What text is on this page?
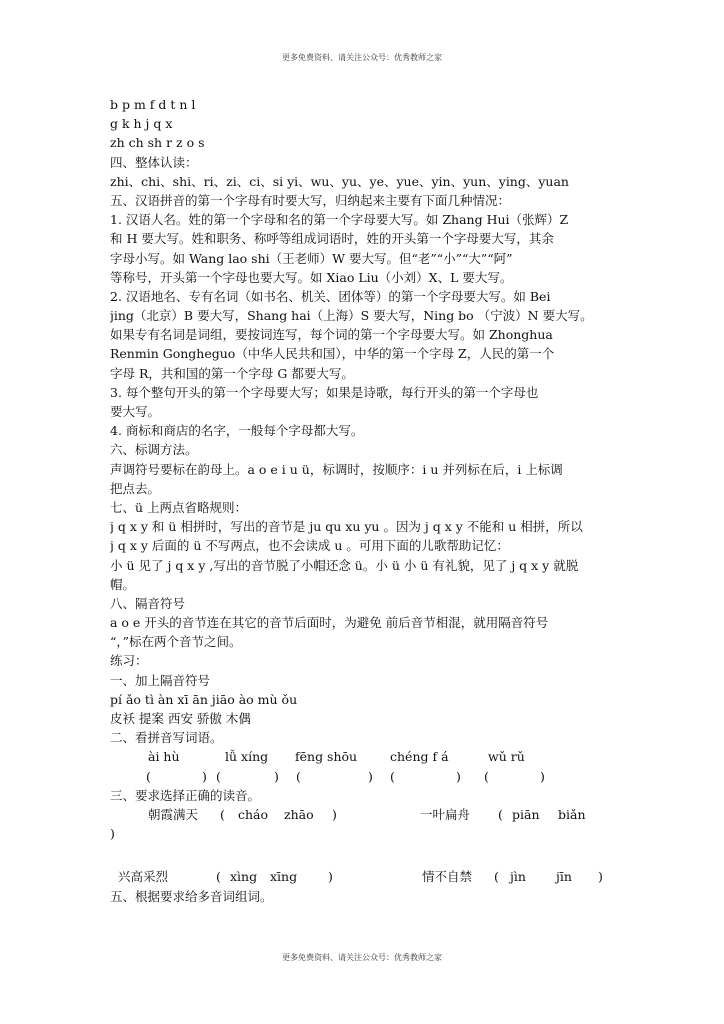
更多免费资料、请关注公众号：优秀教师之家
b p m f d t n l
g k h j q x
zh ch sh r z o s
四、整体认读：
zhi、chi、shi、ri、zi、ci、si yi、wu、yu、ye、yue、yin、yun、ying、yuan
五、汉语拼音的第一个字母有时要大写，归纳起来主要有下面几种情况：
1. 汉语人名。姓的第一个字母和名的第一个字母要大写。如 Zhang Hui（张辉）Z
和 H 要大写。姓和职务、称呼等组成词语时，姓的开头第一个字母要大写，其余
字母小写。如 Wang lao shi（王老师）W 要大写。但“老”“小”“大”“阿”
等称号，开头第一个字母也要大写。如 Xiao Liu（小刘）X、L 要大写。
2. 汉语地名、专有名词（如书名、机关、团体等）的第一个字母要大写。如 Bei
jing（北京）B 要大写，Shang hai（上海）S 要大写，Ning bo （宁波）N 要大写。
如果专有名词是词组，要按词连写，每个词的第一个字母要大写。如 Zhonghua
Renmin Gongheguo（中华人民共和国），中华的第一个字母 Z，人民的第一个
字母 R，共和国的第一个字母 G 都要大写。
3. 每个整句开头的第一个字母要大写；如果是诗歌，每行开头的第一个字母也
要大写。
4. 商标和商店的名字，一般每个字母都大写。
六、标调方法。
声调符号要标在韵母上。a o e i u ü，标调时，按顺序：i u 并列标在后，i 上标调
把点去。
七、ü 上两点省略规则：
j q x y 和 ü 相拼时，写出的音节是 ju qu xu yu 。因为 j q x y 不能和 u 相拼，所以
j q x y 后面的 ü 不写两点，也不会读成 u 。可用下面的儿歌帮助记忆：
小 ü 见了 j q x y ,写出的音节脱了小帽还念 ü。小 ü 小 ü 有礼貌，见了 j q x y 就脱
帽。
八、隔音符号
a o e 开头的音节连在其它的音节后面时，为避免 前后音节相混，就用隔音符号
“，”标在两个音节之间。
练习：
一、加上隔音符号
pí ǎo tì àn xī ān jiāo ào mù ǒu
皮袄 提案 西安 骄傲 木偶
二、看拼音写词语。
ài hù	lǚ xíng fēng shōu	chéng f á	wǔ rǔ
(	) (	) (	) (	) (	)
三、要求选择正确的读音。
朝霞满天 ( cháo zhāo )	一叶扁舟 ( piān biǎn
)
兴高采烈	( xìng xīng )	情不自禁 ( jìn jīn )
五、根据要求给多音词组词。
更多免费资料、请关注公众号：优秀教师之家
